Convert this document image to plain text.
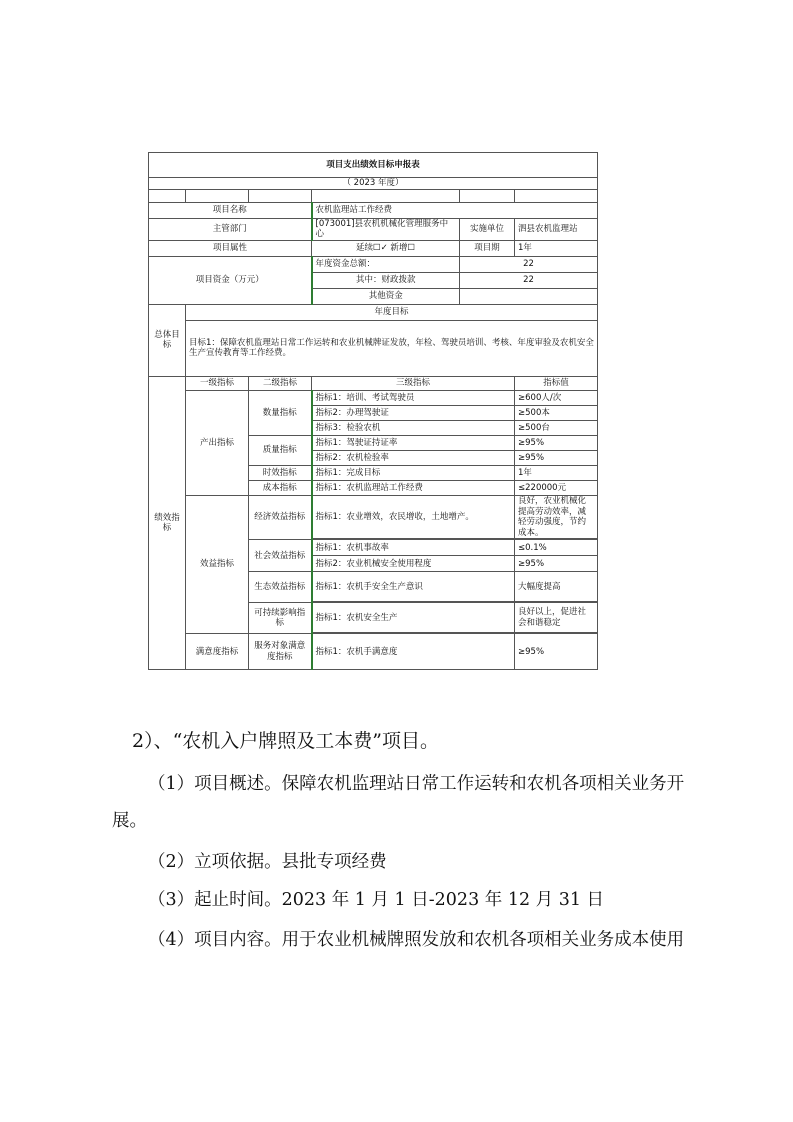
项目支出绩效目标申报表					
（ 2023 年度）					

项目名称			农机监理站工作经费		
主管部门			[073001]县农机机械化管理服务中心	实施单位	泗县农机监理站
项目属性			延续☐✓ 新增☐	项目期	1年
项目资金（万元）			年度资金总额：	22	
			其中：财政拨款	22	
			其他资金		
总体目标	年度目标				
	目标1：保障农机监理站日常工作运转和农业机械牌证发放，年检、驾驶员培训、考核、年度审验及农机安全生产宣传教育等工作经费。				
绩效指标	一级指标	二级指标	三级指标		指标值
	产出指标	数量指标	指标1：培训、考试驾驶员		≥600人/次
			指标2：办理驾驶证		≥500本
			指标3：检验农机		≥500台
		质量指标	指标1：驾驶证持证率		≥95%
			指标2：农机检验率		≥95%
		时效指标	指标1：完成目标		1年
		成本指标	指标1：农机监理站工作经费		≤220000元
	效益指标	经济效益指标	指标1：农业增效，农民增收，土地增产。		良好，农业机械化提高劳动效率，减轻劳动强度，节约成本。

		社会效益指标	指标1：农机事故率		≤0.1%
			指标2：农业机械安全使用程度		≥95%
		生态效益指标	指标1：农机手安全生产意识		大幅度提高

		可持续影响指标	指标1：农机安全生产		良好以上，促进社会和谐稳定

	满意度指标	服务对象满意度指标	指标1：农机手满意度		≥95%
2）、“农机入户牌照及工本费”项目。
（1）项目概述。保障农机监理站日常工作运转和农机各项相关业务开展。
（2）立项依据。县批专项经费
（3）起止时间。2023 年 1 月 1 日-2023 年 12 月 31 日
（4）项目内容。用于农业机械牌照发放和农机各项相关业务成本使用
